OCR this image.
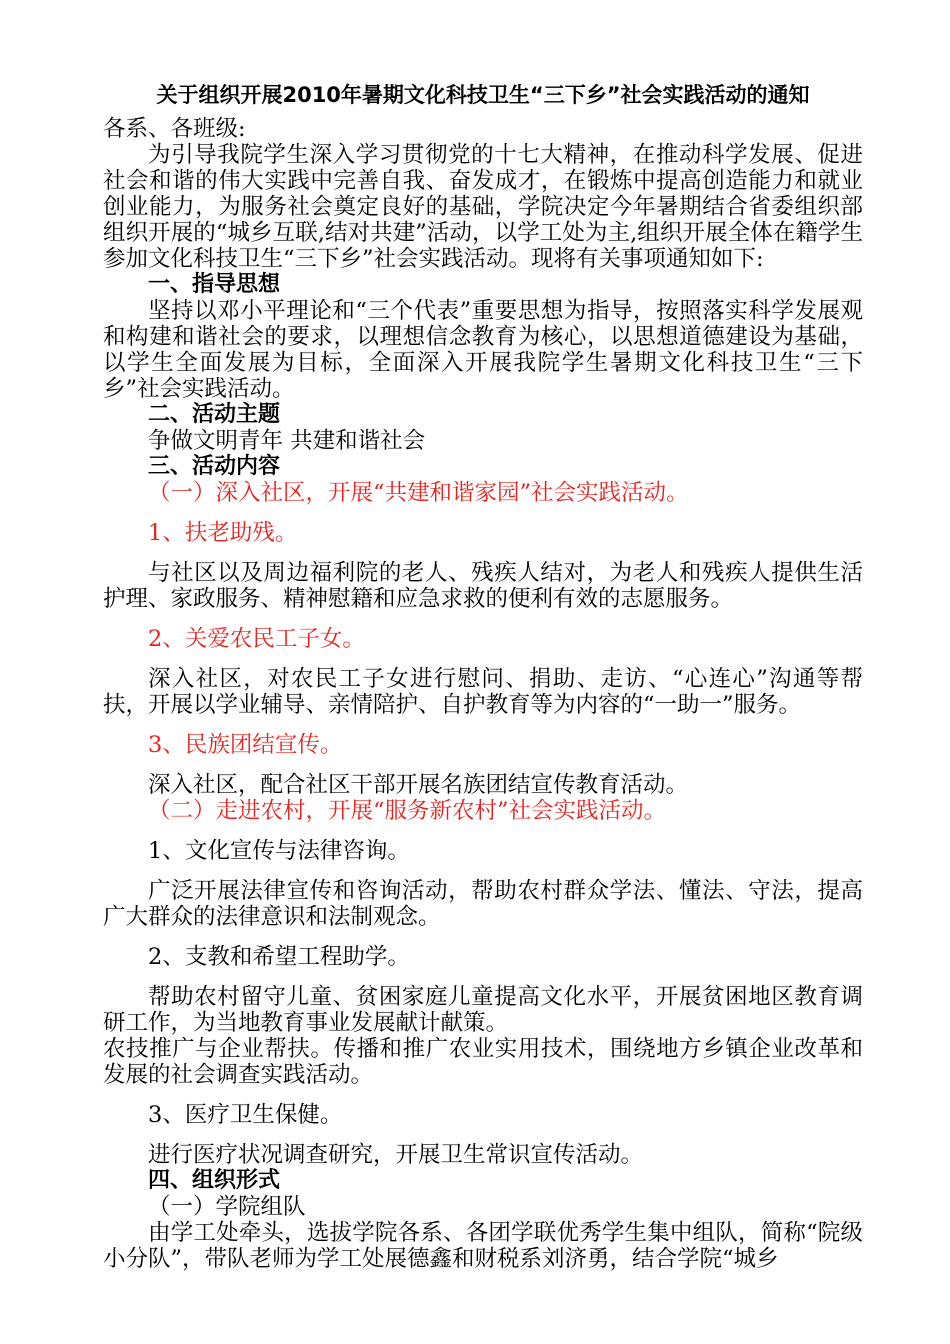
关于组织开展2010年暑期文化科技卫生“三下乡”社会实践活动的通知

各系、各班级:

为引导我院学生深入学习贯彻党的十七大精神，在推动科学发展、促进社会和谐的伟大实践中完善自我、奋发成才，在锻炼中提高创造能力和就业创业能力，为服务社会奠定良好的基础，学院决定今年暑期结合省委组织部组织开展的“城乡互联,结对共建”活动，以学工处为主,组织开展全体在籍学生参加文化科技卫生“三下乡”社会实践活动。现将有关事项通知如下:

一、指导思想

坚持以邓小平理论和“三个代表”重要思想为指导，按照落实科学发展观和构建和谐社会的要求，以理想信念教育为核心，以思想道德建设为基础，以学生全面发展为目标，全面深入开展我院学生暑期文化科技卫生“三下乡”社会实践活动。

二、活动主题

争做文明青年 共建和谐社会

三、活动内容

（一）深入社区，开展“共建和谐家园”社会实践活动。

1、扶老助残。

与社区以及周边福利院的老人、残疾人结对，为老人和残疾人提供生活护理、家政服务、精神慰籍和应急求救的便利有效的志愿服务。

2、关爱农民工子女。

深入社区，对农民工子女进行慰问、捐助、走访、“心连心”沟通等帮扶，开展以学业辅导、亲情陪护、自护教育等为内容的“一助一”服务。

3、民族团结宣传。

深入社区，配合社区干部开展名族团结宣传教育活动。

（二）走进农村，开展“服务新农村”社会实践活动。

1、文化宣传与法律咨询。

广泛开展法律宣传和咨询活动，帮助农村群众学法、懂法、守法，提高广大群众的法律意识和法制观念。

2、支教和希望工程助学。

帮助农村留守儿童、贫困家庭儿童提高文化水平，开展贫困地区教育调研工作，为当地教育事业发展献计献策。

农技推广与企业帮扶。传播和推广农业实用技术，围绕地方乡镇企业改革和发展的社会调查实践活动。

3、医疗卫生保健。

进行医疗状况调查研究，开展卫生常识宣传活动。

四、组织形式

（一）学院组队

由学工处牵头，选拔学院各系、各团学联优秀学生集中组队，简称“院级小分队”，带队老师为学工处展德鑫和财税系刘济勇，结合学院“城乡
